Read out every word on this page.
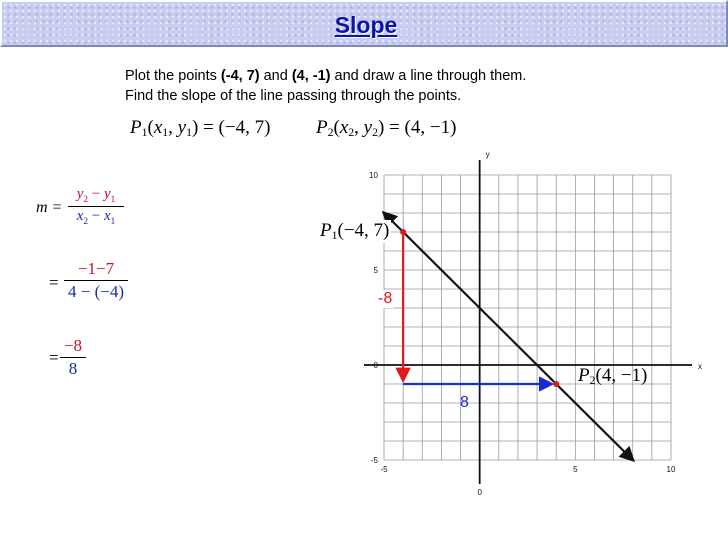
Slope
Plot the points (-4, 7) and (4, -1) and draw a line through them.
Find the slope of the line passing through the points.
$P_1(x_1$, $y_1) = (-4$, 7) $P_2(x_2$, $y_2) = (4$, −1)
m =
$y_2 - y_1$
$x_2 - x_1$
=
−1−7
4 − (−4)
=
−8
8	x
y
-5
0
5
10
-5	5	10
0
$P_1(-4$, 7)
$P_2(4$, −1)
-8
8
